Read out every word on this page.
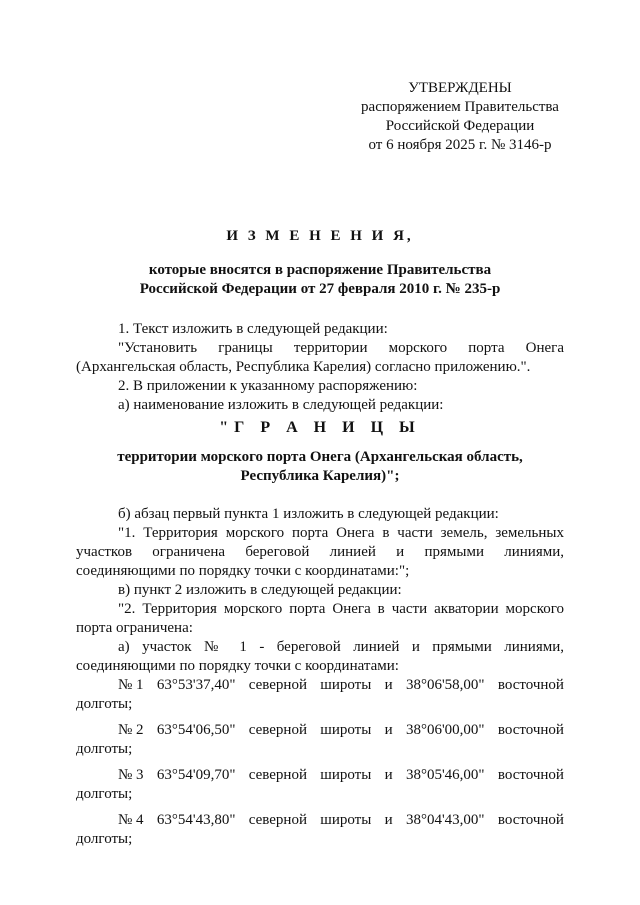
УТВЕРЖДЕНЫ
распоряжением Правительства
Российской Федерации
от 6 ноября 2025 г. № 3146-р
И З М Е Н Е Н И Я,
которые вносятся в распоряжение Правительства
Российской Федерации от 27 февраля 2010 г. № 235-р

1. Текст изложить в следующей редакции:

"Установить границы территории морского порта Онега

(Архангельская область, Республика Карелия) согласно приложению.".

2. В приложении к указанному распоряжению:

а) наименование изложить в следующей редакции:

"Г Р А Н И Ц Ы

территории морского порта Онега (Архангельская область,

Республика Карелия)";

б) абзац первый пункта 1 изложить в следующей редакции:

"1. Территория морского порта Онега в части земель, земельных

участков ограничена береговой линией и прямыми линиями,

соединяющими по порядку точки с координатами:";

в) пункт 2 изложить в следующей редакции:

"2. Территория морского порта Онега в части акватории морского

порта ограничена:

а) участок № 1 - береговой линией и прямыми линиями,

соединяющими по порядку точки с координатами:

№ 1 63°53'37,40" северной широты и 38°06'58,00" восточной
долготы;
№ 2 63°54'06,50" северной широты и 38°06'00,00" восточной
долготы;
№ 3 63°54'09,70" северной широты и 38°05'46,00" восточной
долготы;
№ 4 63°54'43,80" северной широты и 38°04'43,00" восточной
долготы;
